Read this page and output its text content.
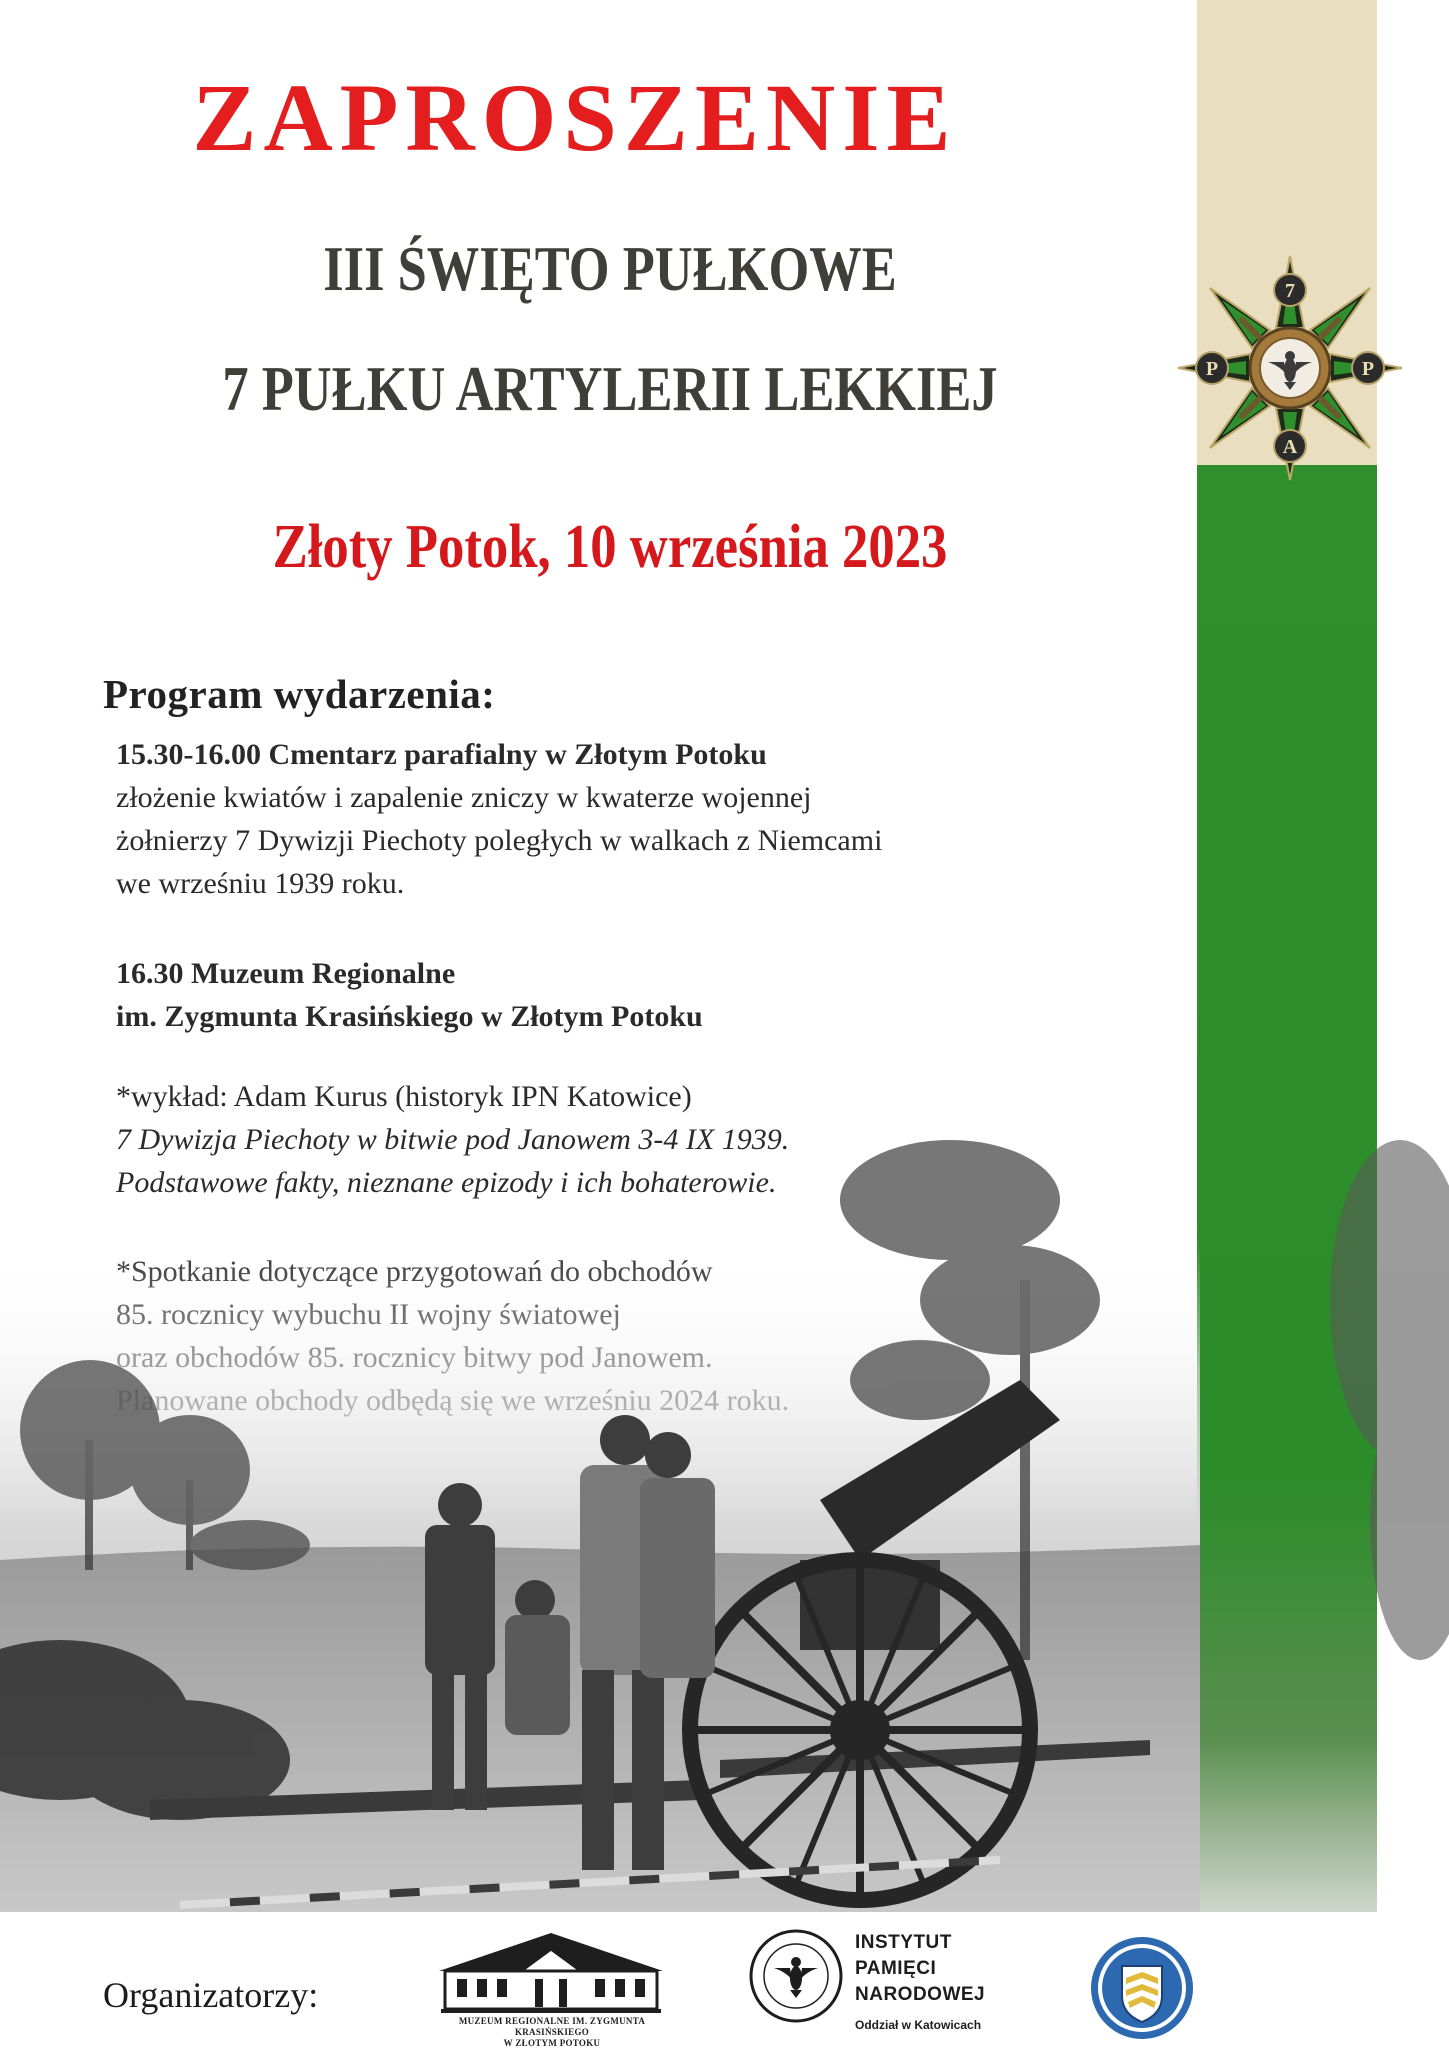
ZAPROSZENIE
III ŚWIĘTO PUŁKOWE
7 PUŁKU ARTYLERII LEKKIEJ
Złoty Potok, 10 września 2023
7
A
P	P
Program wydarzenia:

15.30-16.00 Cmentarz parafialny w Złotym Potoku
złożenie kwiatów i zapalenie zniczy w kwaterze wojennej
żołnierzy 7 Dywizji Piechoty poległych w walkach z Niemcami
we wrześniu 1939 roku.

16.30 Muzeum Regionalne
im. Zygmunta Krasińskiego w Złotym Potoku

*wykład: Adam Kurus (historyk IPN Katowice)
7 Dywizja Piechoty w bitwie pod Janowem 3-4 IX 1939.
Podstawowe fakty, nieznane epizody i ich bohaterowie.

Organizatorzy:

MUZEUM REGIONALNE IM. ZYGMUNTA KRASIŃSKIEGO
W ZŁOTYM POTOKU
INSTYTUT
PAMIĘCI
NARODOWEJ
Oddział w Katowicach
